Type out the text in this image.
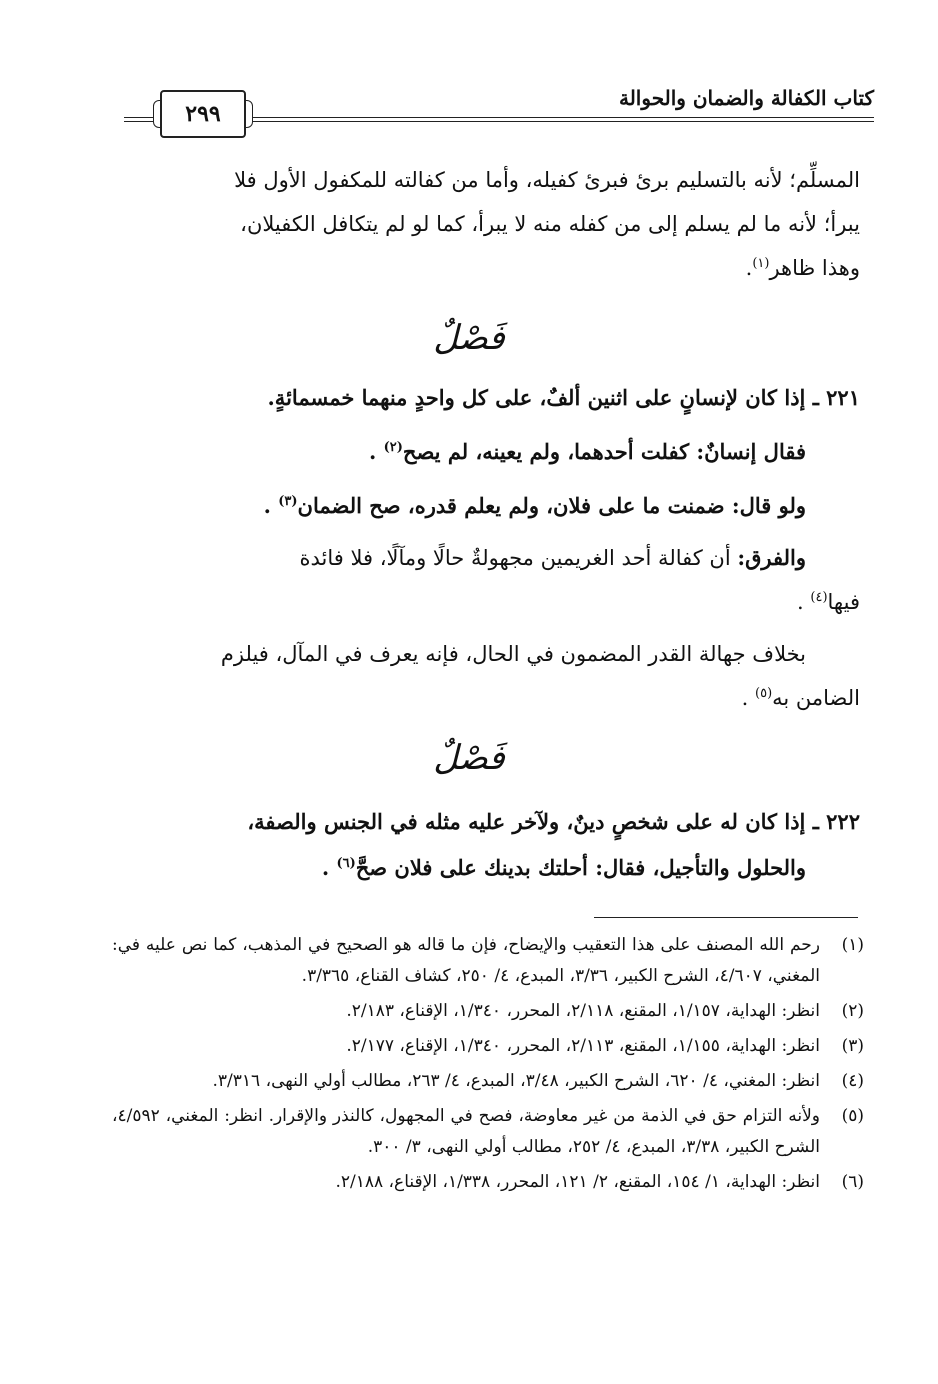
كتاب الكفالة والضمان والحوالة
٢٩٩
المسلِّم؛ لأنه بالتسليم برئ فبرئ كفيله، وأما من كفالته للمكفول الأول فلا
يبرأ؛ لأنه ما لم يسلم إلى من كفله منه لا يبرأ، كما لو لم يتكافل الكفيلان،
وهذا ظاهر$^{(١)}$.
فَصْلٌ
٢٢١ ـ إذا كان لإنسانٍ على اثنين ألفٌ، على كل واحدٍ منهما خمسمائةٍ.
فقال إنسانٌ: كفلت أحدهما، ولم يعينه، لم يصح$^{(٢)}$ .
ولو قال: ضمنت ما على فلان، ولم يعلم قدره، صح الضمان$^{(٣)}$ .
والفرق: أن كفالة أحد الغريمين مجهولةٌ حالًا ومآلًا، فلا فائدة
فيها$^{(٤)}$ .
بخلاف جهالة القدر المضمون في الحال، فإنه يعرف في المآل، فيلزم
الضامن به$^{(٥)}$ .
فَصْلٌ
٢٢٢ ـ إذا كان له على شخصٍ دينٌ، ولآخر عليه مثله في الجنس والصفة،
والحلول والتأجيل، فقال: أحلتك بدينك على فلان صحَّ$^{(٦)}$ .
(١)
رحم الله المصنف على هذا التعقيب والإيضاح، فإن ما قاله هو الصحيح في المذهب، كما نص عليه في: المغني، ٤/٦٠٧، الشرح الكبير، ٣/٣٦، المبدع، ٤/ ٢٥٠، كشاف القناع، ٣/٣٦٥.
(٢)
انظر: الهداية، ١/١٥٧، المقنع، ٢/١١٨، المحرر، ١/٣٤٠، الإقناع، ٢/١٨٣.
(٣)
انظر: الهداية، ١/١٥٥، المقنع، ٢/١١٣، المحرر، ١/٣٤٠، الإقناع، ٢/١٧٧.
(٤)
انظر: المغني، ٤/ ٦٢٠، الشرح الكبير، ٣/٤٨، المبدع، ٤/ ٢٦٣، مطالب أولي النهى، ٣/٣١٦.
(٥)
ولأنه التزام حق في الذمة من غير معاوضة، فصح في المجهول، كالنذر والإقرار. انظر: المغني، ٤/٥٩٢، الشرح الكبير، ٣/٣٨، المبدع، ٤/ ٢٥٢، مطالب أولي النهى، ٣/ ٣٠٠.
(٦)
انظر: الهداية، ١/ ١٥٤، المقنع، ٢/ ١٢١، المحرر، ١/٣٣٨، الإقناع، ٢/١٨٨.
